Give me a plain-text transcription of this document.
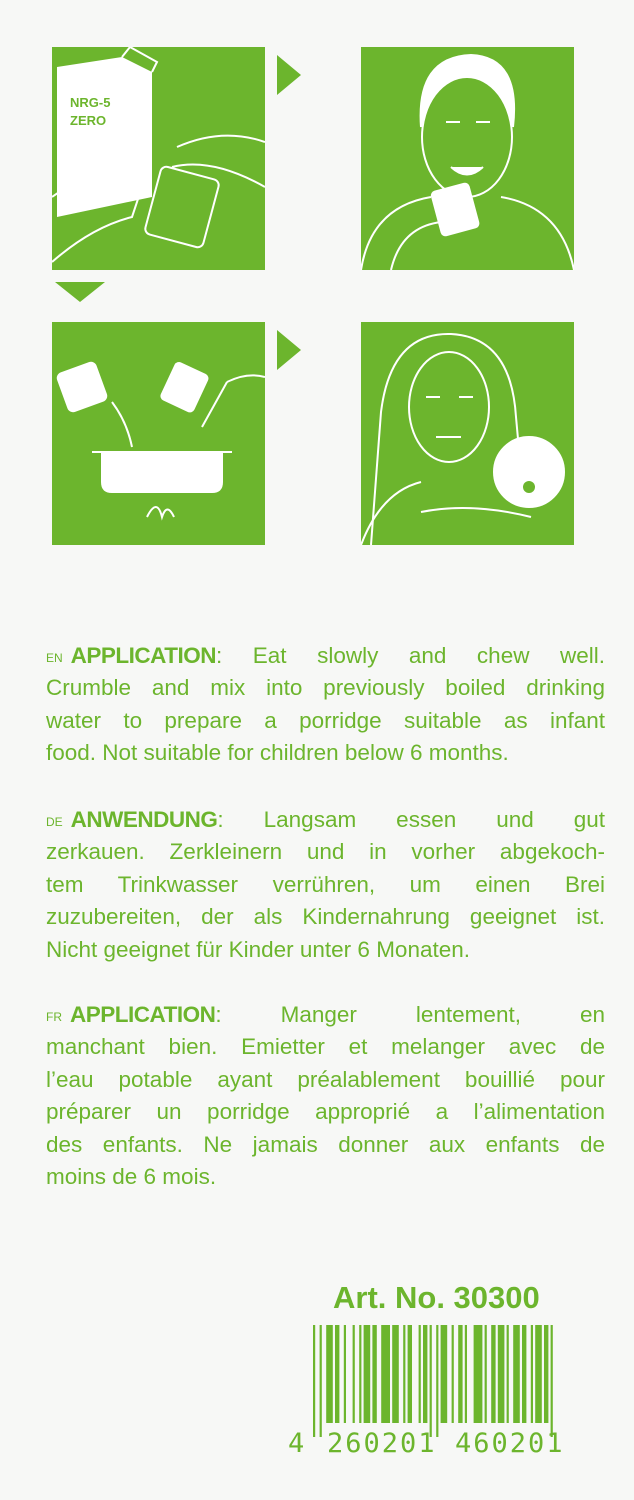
NRG-5
ZERO
$^{EN}$ APPLICATION: Eat slowly and chew well.
Crumble and mix into previously boiled drinking
water to prepare a porridge suitable as infant
food. Not suitable for children below 6 months.
$^{DE}$ ANWENDUNG: Langsam essen und gut
zerkauen. Zerkleinern und in vorher abgekoch-
tem Trinkwasser verrühren, um einen Brei
zuzubereiten, der als Kindernahrung geeignet ist.
Nicht geeignet für Kinder unter 6 Monaten.
$^{FR}$ APPLICATION: Manger lentement, en
manchant bien. Emietter et melanger avec de
l’eau potable ayant préalablement bouillié pour
préparer un porridge approprié a l’alimentation
des enfants. Ne jamais donner aux enfants de
moins de 6 mois.
Art. No. 30300
4 260201 460201
